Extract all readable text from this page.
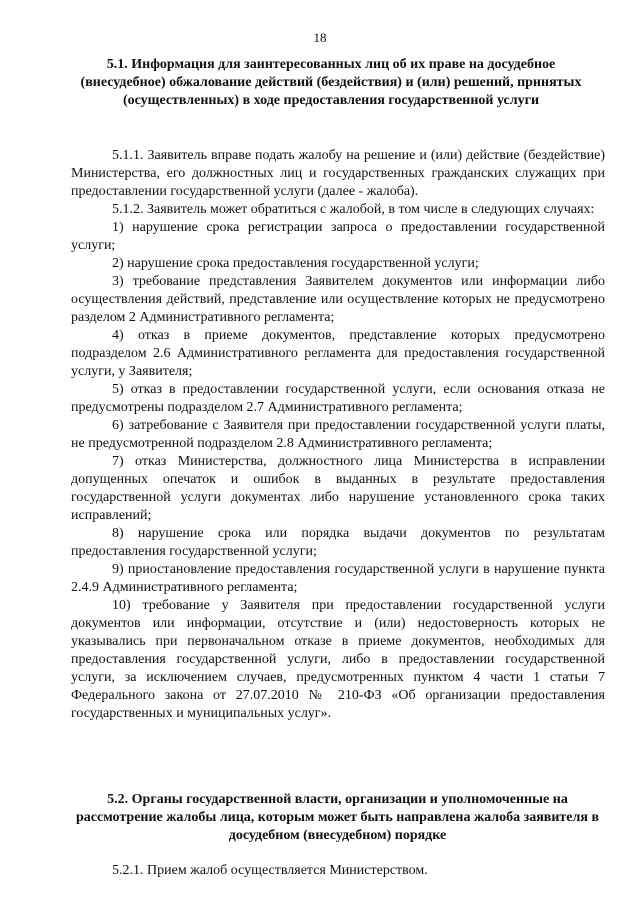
18
5.1. Информация для заинтересованных лиц об их праве на досудебное (внесудебное) обжалование действий (бездействия) и (или) решений, принятых (осуществленных) в ходе предоставления государственной услуги

5.1.1. Заявитель вправе подать жалобу на решение и (или) действие (бездействие) Министерства, его должностных лиц и государственных гражданских служащих при предоставлении государственной услуги (далее - жалоба).

5.1.2. Заявитель может обратиться с жалобой, в том числе в следующих случаях:

1) нарушение срока регистрации запроса о предоставлении государственной услуги;

2) нарушение срока предоставления государственной услуги;

3) требование представления Заявителем документов или информации либо осуществления действий, представление или осуществление которых не предусмотрено разделом 2 Административного регламента;

4) отказ в приеме документов, представление которых предусмотрено подразделом 2.6 Административного регламента для предоставления государственной услуги, у Заявителя;

5) отказ в предоставлении государственной услуги, если основания отказа не предусмотрены подразделом 2.7 Административного регламента;

6) затребование с Заявителя при предоставлении государственной услуги платы, не предусмотренной подразделом 2.8 Административного регламента;

7) отказ Министерства, должностного лица Министерства в исправлении допущенных опечаток и ошибок в выданных в результате предоставления государственной услуги документах либо нарушение установленного срока таких исправлений;

8) нарушение срока или порядка выдачи документов по результатам предоставления государственной услуги;

9) приостановление предоставления государственной услуги в нарушение пункта 2.4.9 Административного регламента;

10) требование у Заявителя при предоставлении государственной услуги документов или информации, отсутствие и (или) недостоверность которых не указывались при первоначальном отказе в приеме документов, необходимых для предоставления государственной услуги, либо в предоставлении государственной услуги, за исключением случаев, предусмотренных пунктом 4 части 1 статьи 7 Федерального закона от 27.07.2010 № 210-ФЗ «Об организации предоставления государственных и муниципальных услуг».

5.2. Органы государственной власти, организации и уполномоченные на рассмотрение жалобы лица, которым может быть направлена жалоба заявителя в досудебном (внесудебном) порядке

5.2.1. Прием жалоб осуществляется Министерством.
